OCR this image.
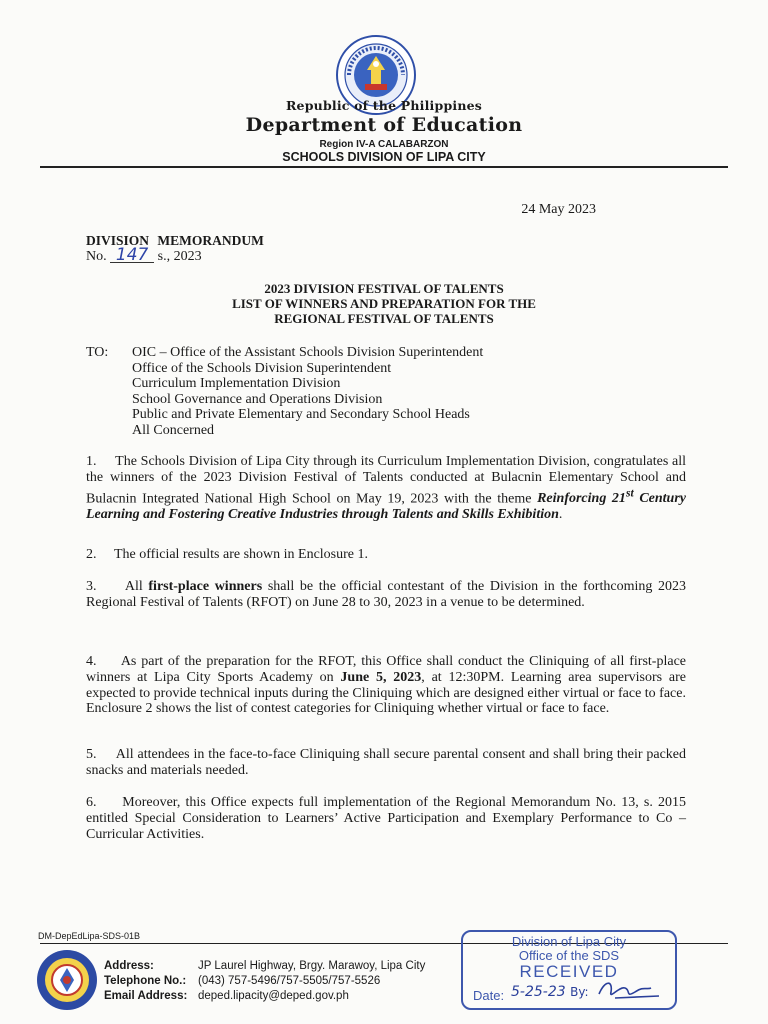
Republic of the Philippines
Department of Education
Region IV-A CALABARZON
SCHOOLS DIVISION OF LIPA CITY
24 May 2023
DIVISION MEMORANDUM
No. 147 s., 2023
2023 DIVISION FESTIVAL OF TALENTS
LIST OF WINNERS AND PREPARATION FOR THE
REGIONAL FESTIVAL OF TALENTS
TO: OIC – Office of the Assistant Schools Division Superintendent
Office of the Schools Division Superintendent
Curriculum Implementation Division
School Governance and Operations Division
Public and Private Elementary and Secondary School Heads
All Concerned
1. The Schools Division of Lipa City through its Curriculum Implementation Division, congratulates all the winners of the 2023 Division Festival of Talents conducted at Bulacnin Elementary School and Bulacnin Integrated National High School on May 19, 2023 with the theme Reinforcing 21st Century Learning and Fostering Creative Industries through Talents and Skills Exhibition.
2. The official results are shown in Enclosure 1.
3. All first-place winners shall be the official contestant of the Division in the forthcoming 2023 Regional Festival of Talents (RFOT) on June 28 to 30, 2023 in a venue to be determined.
4. As part of the preparation for the RFOT, this Office shall conduct the Cliniquing of all first-place winners at Lipa City Sports Academy on June 5, 2023, at 12:30PM. Learning area supervisors are expected to provide technical inputs during the Cliniquing which are designed either virtual or face to face. Enclosure 2 shows the list of contest categories for Cliniquing whether virtual or face to face.
5. All attendees in the face-to-face Cliniquing shall secure parental consent and shall bring their packed snacks and materials needed.
6. Moreover, this Office expects full implementation of the Regional Memorandum No. 13, s. 2015 entitled Special Consideration to Learners’ Active Participation and Exemplary Performance to Co – Curricular Activities.
DM-DepEdLipa-SDS-01B
Address:	JP Laurel Highway, Brgy. Marawoy, Lipa City
Telephone No.: (043) 757-5496/757-5505/757-5526
Email Address: deped.lipacity@deped.gov.ph
Division of Lipa City
Office of the SDS
RECEIVED
Date: 5-25-23 By:
